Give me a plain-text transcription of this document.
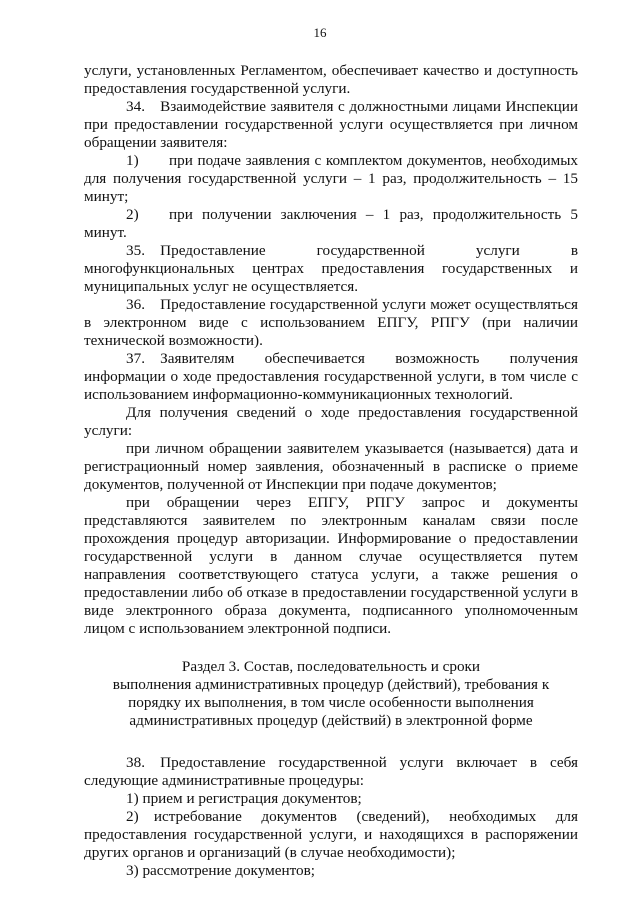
16

услуги, установленных Регламентом, обеспечивает качество и доступность предоставления государственной услуги.

34. Взаимодействие заявителя с должностными лицами Инспекции при предоставлении государственной услуги осуществляется при личном обращении заявителя:

1)  при подаче заявления с комплектом документов, необходимых для получения государственной услуги – 1 раз, продолжительность – 15 минут;

2)  при получении заключения – 1 раз, продолжительность 5 минут.

35. Предоставление государственной услуги в многофункциональных центрах предоставления государственных и муниципальных услуг не осуществляется.

36. Предоставление государственной услуги может осуществляться в электронном виде с использованием ЕПГУ, РПГУ (при наличии технической возможности).

37. Заявителям обеспечивается возможность получения информации о ходе предоставления государственной услуги, в том числе с использованием информационно-коммуникационных технологий.

Для получения сведений о ходе предоставления государственной услуги:

при личном обращении заявителем указывается (называется) дата и регистрационный номер заявления, обозначенный в расписке о приеме документов, полученной от Инспекции при подаче документов;

при обращении через ЕПГУ, РПГУ запрос и документы представляются заявителем по электронным каналам связи после прохождения процедур авторизации. Информирование о предоставлении государственной услуги в данном случае осуществляется путем направления соответствующего статуса услуги, а также решения о предоставлении либо об отказе в предоставлении государственной услуги в виде электронного образа документа, подписанного уполномоченным лицом с использованием электронной подписи.

Раздел 3. Состав, последовательность и сроки
выполнения административных процедур (действий), требования к
порядку их выполнения, в том числе особенности выполнения
административных процедур (действий) в электронной форме

38. Предоставление государственной услуги включает в себя следующие административные процедуры:

1) прием и регистрация документов;

2) истребование документов (сведений), необходимых для предоставления государственной услуги, и находящихся в распоряжении других органов и организаций (в случае необходимости);

3) рассмотрение документов;
